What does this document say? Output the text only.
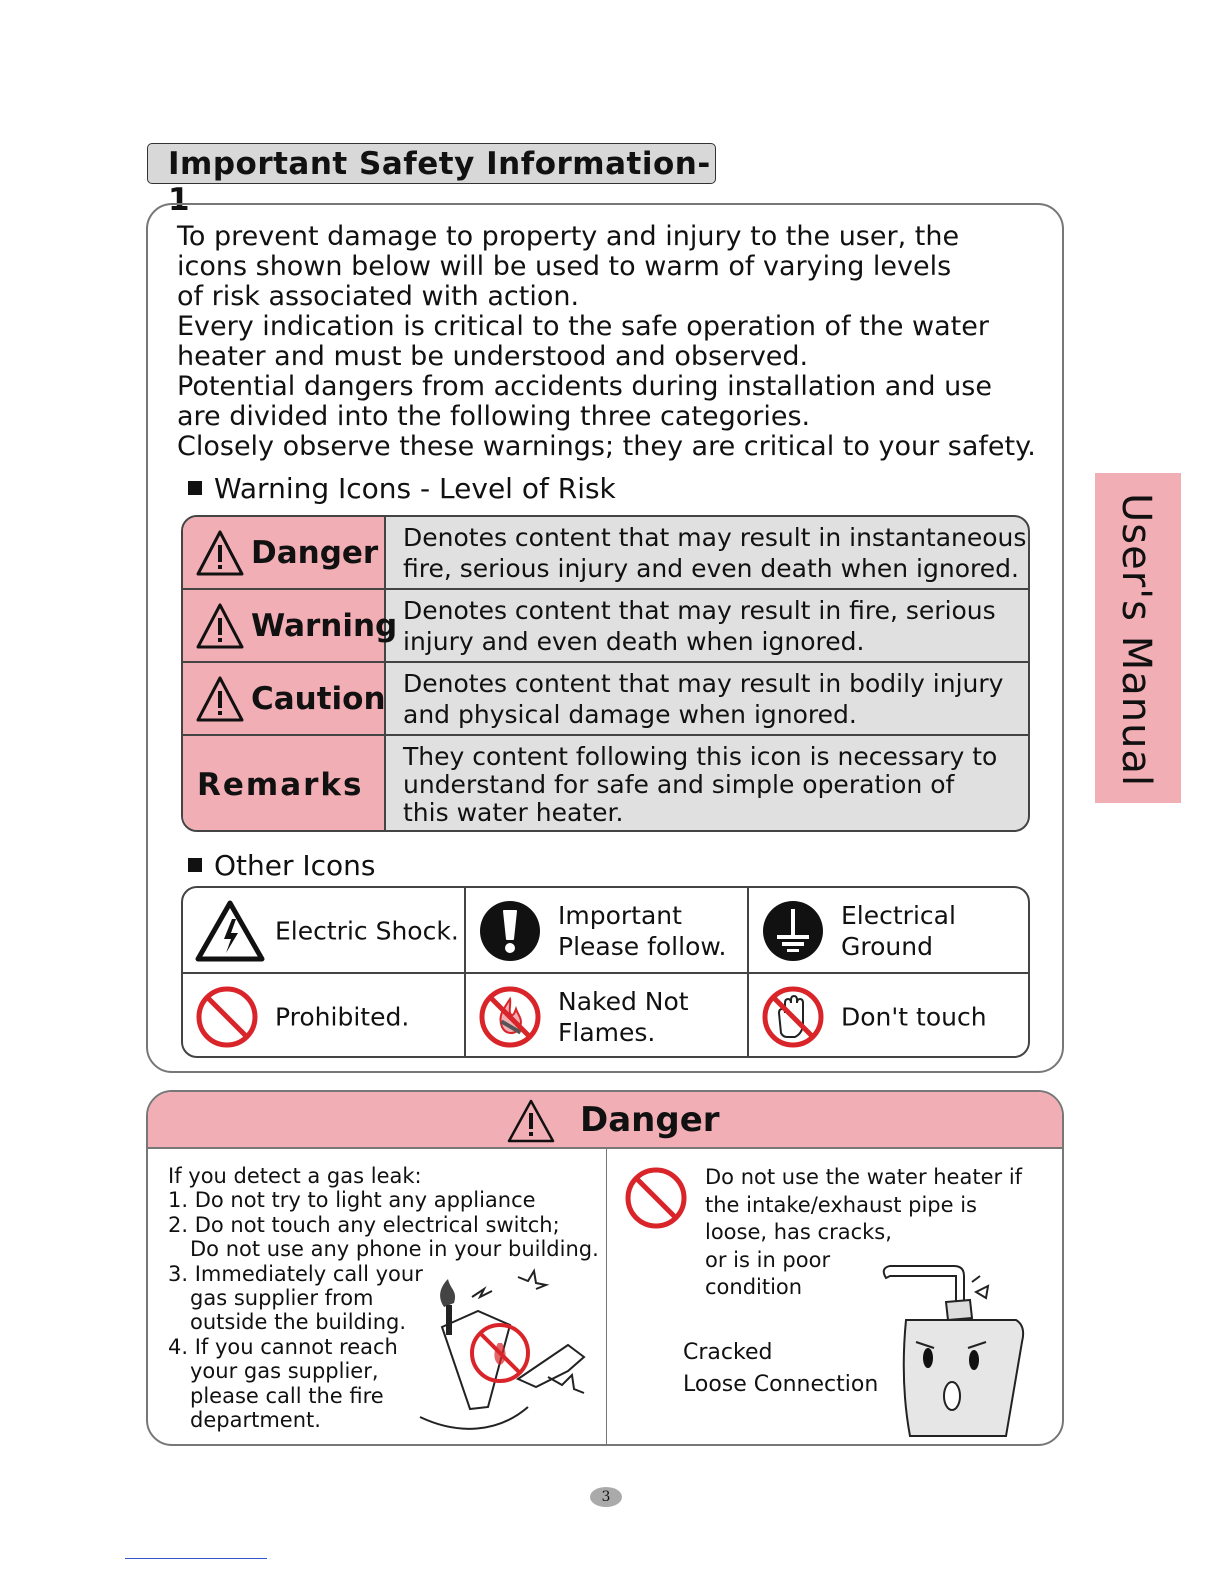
Important Safety Information-1
User's Manual

To prevent damage to property and injury to the user, the

icons shown below will be used to warm of varying levels

of risk associated with action.

Every indication is critical to the safe operation of the water

heater and must be understood and observed.

Potential dangers from accidents during installation and use

are divided into the following three categories.

Closely observe these warnings; they are critical to your safety.

Warning Icons - Level of Risk
Danger Denotes content that may result in instantaneous
fire, serious injury and even death when ignored.
Warning Denotes content that may result in fire, serious
injury and even death when ignored.
Caution Denotes content that may result in bodily injury
and physical damage when ignored.
Remarks
They content following this icon is necessary to
understand for safe and simple operation of
this water heater.
Other Icons
Electric Shock.
Important
Please follow.
Electrical
Ground
Prohibited.
Naked Not
Flames.
Don't touch
Danger
If you detect a gas leak:
1. Do not try to light any appliance
2. Do not touch any electrical switch;
Do not use any phone in your building.
3. Immediately call your
gas supplier from
outside the building.
4. If you cannot reach
your gas supplier,
please call the fire
department.
Do not use the water heater if
the intake/exhaust pipe is
loose, has cracks,
or is in poor
condition
Cracked
Loose Connection
3
